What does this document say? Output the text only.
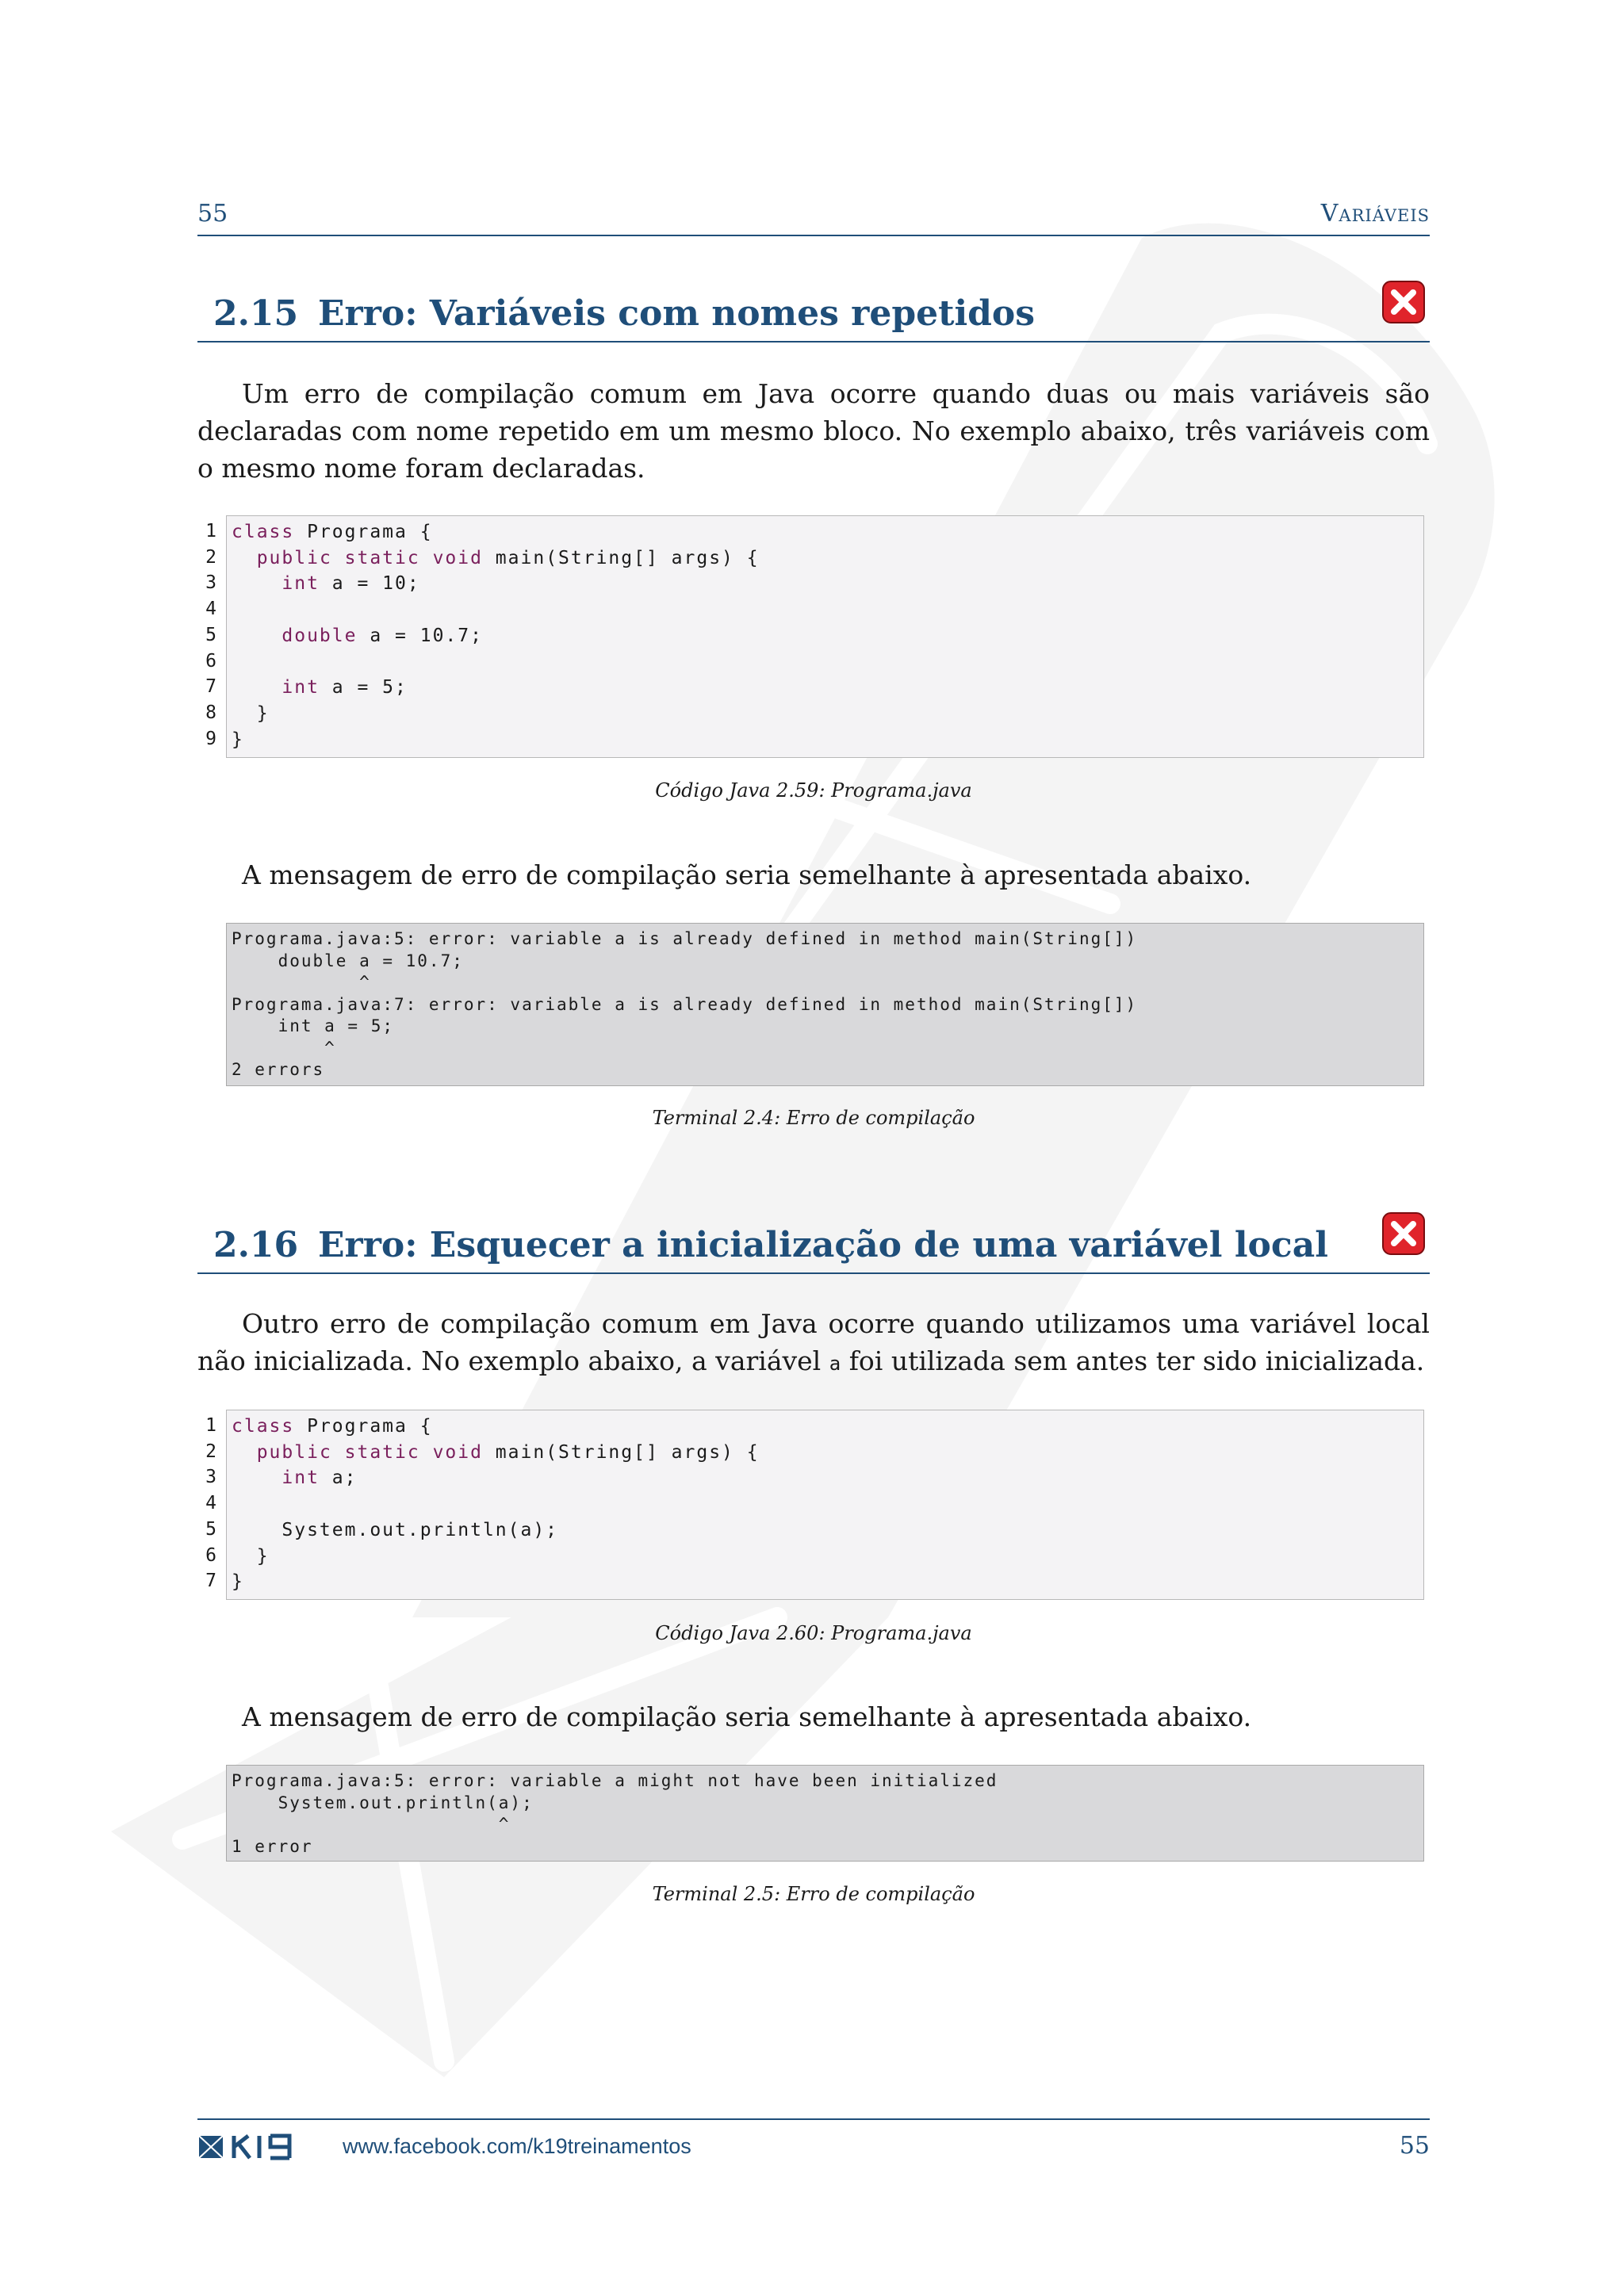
55	Variáveis
2.15 Erro: Variáveis com nomes repetidos
Um erro de compilação comum em Java ocorre quando duas ou mais variáveis são declaradas com nome repetido em um mesmo bloco. No exemplo abaixo, três variáveis com o mesmo nome foram declaradas.
1
2
3
4
5
6
7
8
9
class Programa {
public static void main(String[] args) {
int a = 10;

double a = 10.7;

int a = 5;
}
}
Código Java 2.59: Programa.java
A mensagem de erro de compilação seria semelhante à apresentada abaixo.
Programa.java:5: error: variable a is already defined in method main(String[])
double a = 10.7;
^
Programa.java:7: error: variable a is already defined in method main(String[])
int a = 5;
^
2 errors
Terminal 2.4: Erro de compilação
2.16 Erro: Esquecer a inicialização de uma variável local
Outro erro de compilação comum em Java ocorre quando utilizamos uma variável local não inicializada. No exemplo abaixo, a variável a foi utilizada sem antes ter sido inicializada.
1
2
3
4
5
6
7
class Programa {
public static void main(String[] args) {
int a;

System.out.println(a);
}
}
Código Java 2.60: Programa.java
A mensagem de erro de compilação seria semelhante à apresentada abaixo.
Programa.java:5: error: variable a might not have been initialized
System.out.println(a);
^
1 error
Terminal 2.5: Erro de compilação
www.facebook.com/k19treinamentos	55
